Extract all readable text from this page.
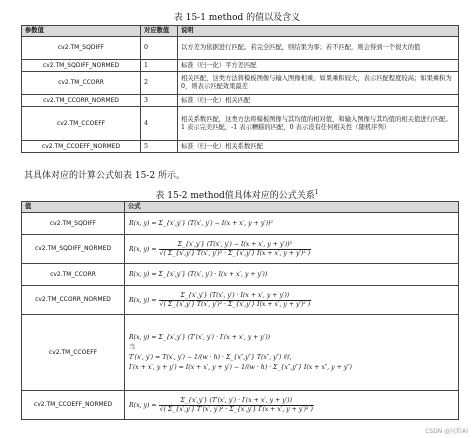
表 15-1 method 的值以及含义
参数值	对应数值	说明
cv2.TM_SQDIFF	0	以方差为依据进行匹配。若完全匹配，则结果为零；若不匹配，则会得到一个很大的值
cv2.TM_SQDIFF_NORMED	1	标准（归一化）平方差匹配
cv2.TM_CCORR	2	相关匹配，这类方法将模板图像与输入图像相乘，如果乘积较大，表示匹配程度较高；如果乘积为 0，则表示匹配效果最差
cv2.TM_CCORR_NORMED	3	标准（归一化）相关匹配
cv2.TM_CCOEFF	4	相关系数匹配，这类方法将模板图像与其均值的相对值，和输入图像与其均值的相关值进行匹配。1 表示完美匹配，-1 表示糟糕的匹配，0 表示没有任何相关性（随机序列）
cv2.TM_CCOEFF_NORMED	5	标准（归一化）相关系数匹配
其具体对应的计算公式如表 15-2 所示。
表 15-2 method值具体对应的公式关系$^1$
值	公式
cv2.TM_SQDIFF	R(x, y) = Σ_{x′,y′} (T(x′, y′) − I(x + x′, y + y′))²

cv2.TM_SQDIFF_NORMED	R(x, $y) = \frac{\text{Σ\_\{x′,y′\} (T(x′, y′) − I(x + x′, y + y′))²}}{\text{√( Σ\_\{x′,y′\} T(x′, y′)² · Σ\_\{x′,y′\} I(x + x′, y + y′)² )}}$

cv2.TM_CCORR	R(x, y) = Σ_{x′,y′} (T(x′, y′) · I(x + x′, y + y′))

cv2.TM_CCORR_NORMED	R(x, $y) = \frac{\Sigma\_\{x',y'\} (T(x', y') \cdot I(x + x', y + y'))}{\text{√( Σ\_\{x′,y′\} T(x′, y′)² · Σ\_\{x′,y′\} I(x + x′, y + y′)² )}}$

cv2.TM_CCOEFF	R(x, y) = Σ_{x′,y′} (T′(x′, y′) · I′(x + x′, y + y′))
当
T′(x′, y′) = T(x′, y′) − 1/(w · h) · Σ_{x″,y″} T(x″, y″) 时，
I′(x + x′, y + y′) = I(x + x′, y + y′) − 1/(w · h) · Σ_{x″,y″} I(x + x″, y + y″)

cv2.TM_CCOEFF_NORMED	R(x, $y) = \frac{\Sigma\_\{x',y'\} (T'(x', y') \cdot I'(x + x', y + y'))}{\text{√( Σ\_\{x′,y′\} T′(x′, y′)² · Σ\_\{x′,y′\} I′(x + x′, y + y′)² )}}$
CSDN @玩转AI
